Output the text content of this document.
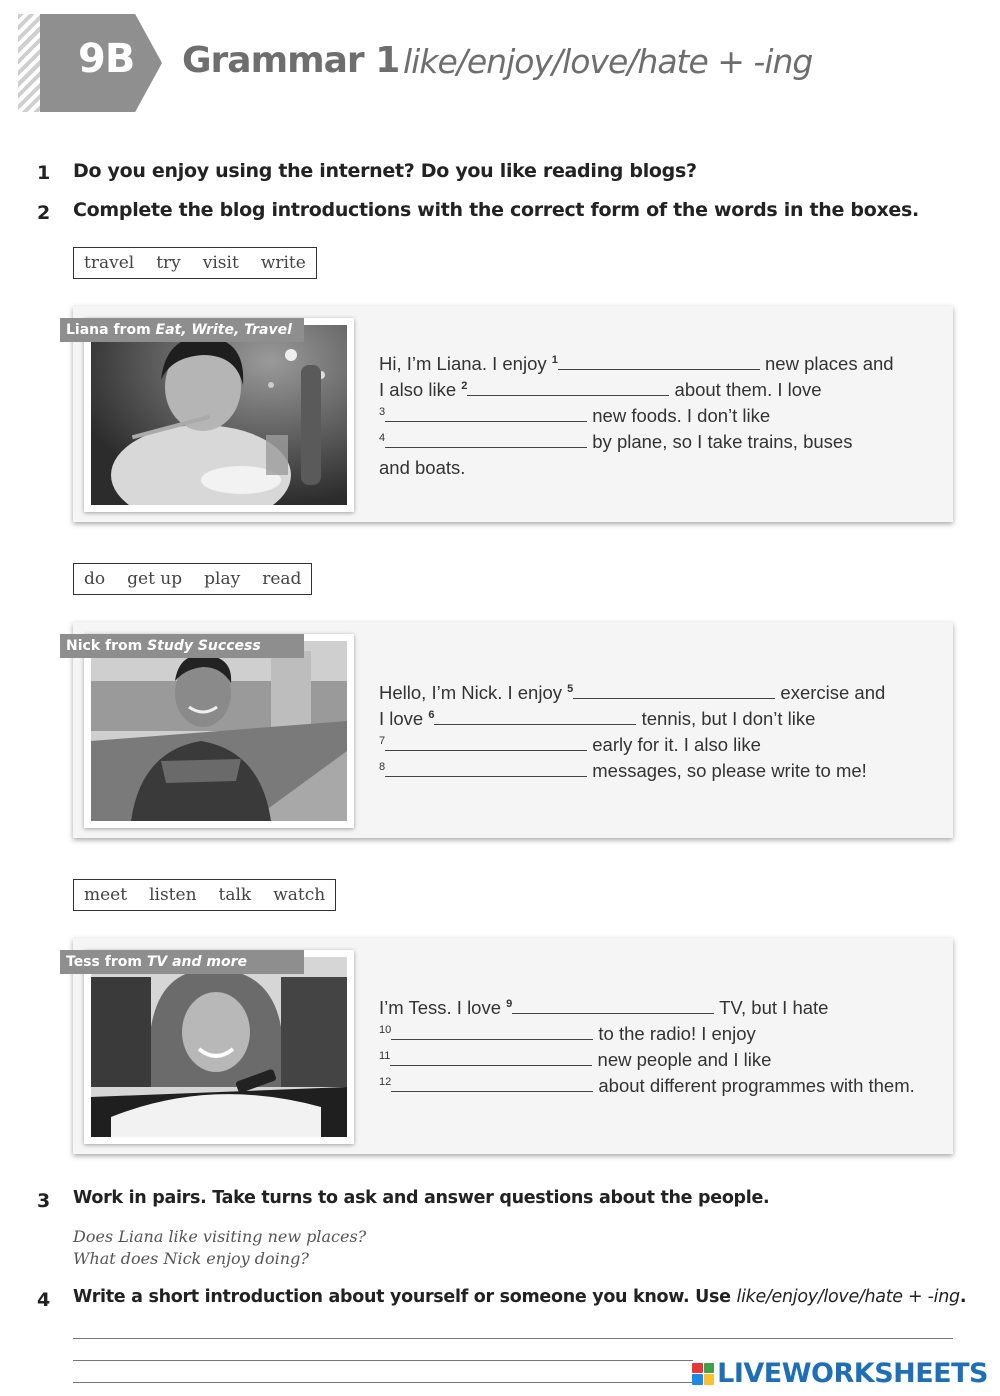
9B Grammar 1 like/enjoy/love/hate + -ing
1 Do you enjoy using the internet? Do you like reading blogs?
2 Complete the blog introductions with the correct form of the words in the boxes.
travel try visit write
Liana from Eat, Write, Travel
Hi, I’m Liana. I enjoy $^1$	new places and
I also like $^2$	about them. I love
$^3$	new foods. I don’t like
$^4$	by plane, so I take trains, buses
and boats.
do get up play read
Nick from Study Success
Hello, I’m Nick. I enjoy $^5$	exercise and
I love $^6$	tennis, but I don’t like
$^7$	early for it. I also like
$^8$	messages, so please write to me!
meet listen talk watch
Tess from TV and more
I’m Tess. I love $^9$	TV, but I hate
$^{10}$	to the radio! I enjoy
$^{11}$	new people and I like
$^{12}$	about different programmes with them.
3 Work in pairs. Take turns to ask and answer questions about the people.
Does Liana like visiting new places?
What does Nick enjoy doing?
4 Write a short introduction about yourself or someone you know. Use like/enjoy/love/hate + -ing.
LIVEWORKSHEETS
